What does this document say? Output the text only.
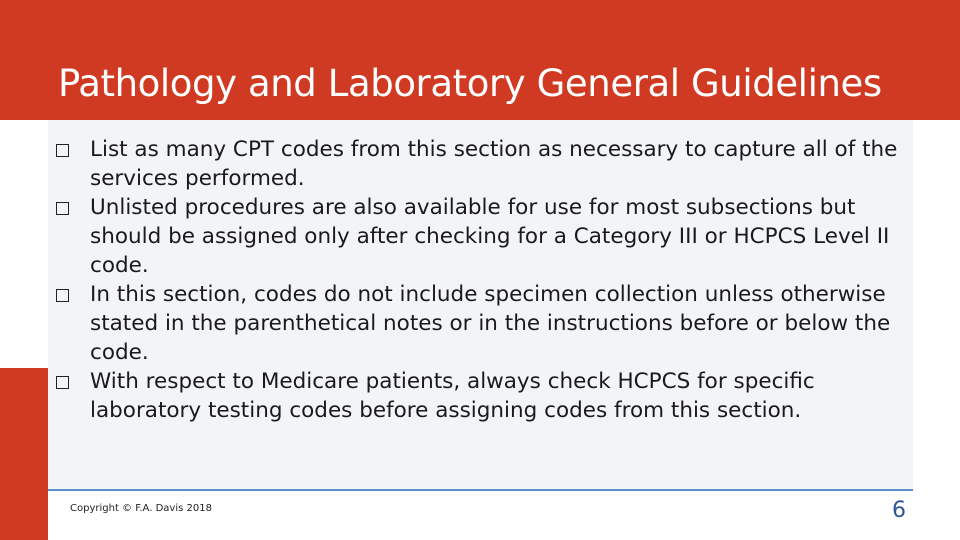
Pathology and Laboratory General Guidelines
List as many CPT codes from this section as necessary to capture all of the services performed.
Unlisted procedures are also available for use for most subsections but should be assigned only after checking for a Category III or HCPCS Level II code.
In this section, codes do not include specimen collection unless otherwise stated in the parenthetical notes or in the instructions before or below the code.
With respect to Medicare patients, always check HCPCS for specific laboratory testing codes before assigning codes from this section.
Copyright © F.A. Davis 2018	6
